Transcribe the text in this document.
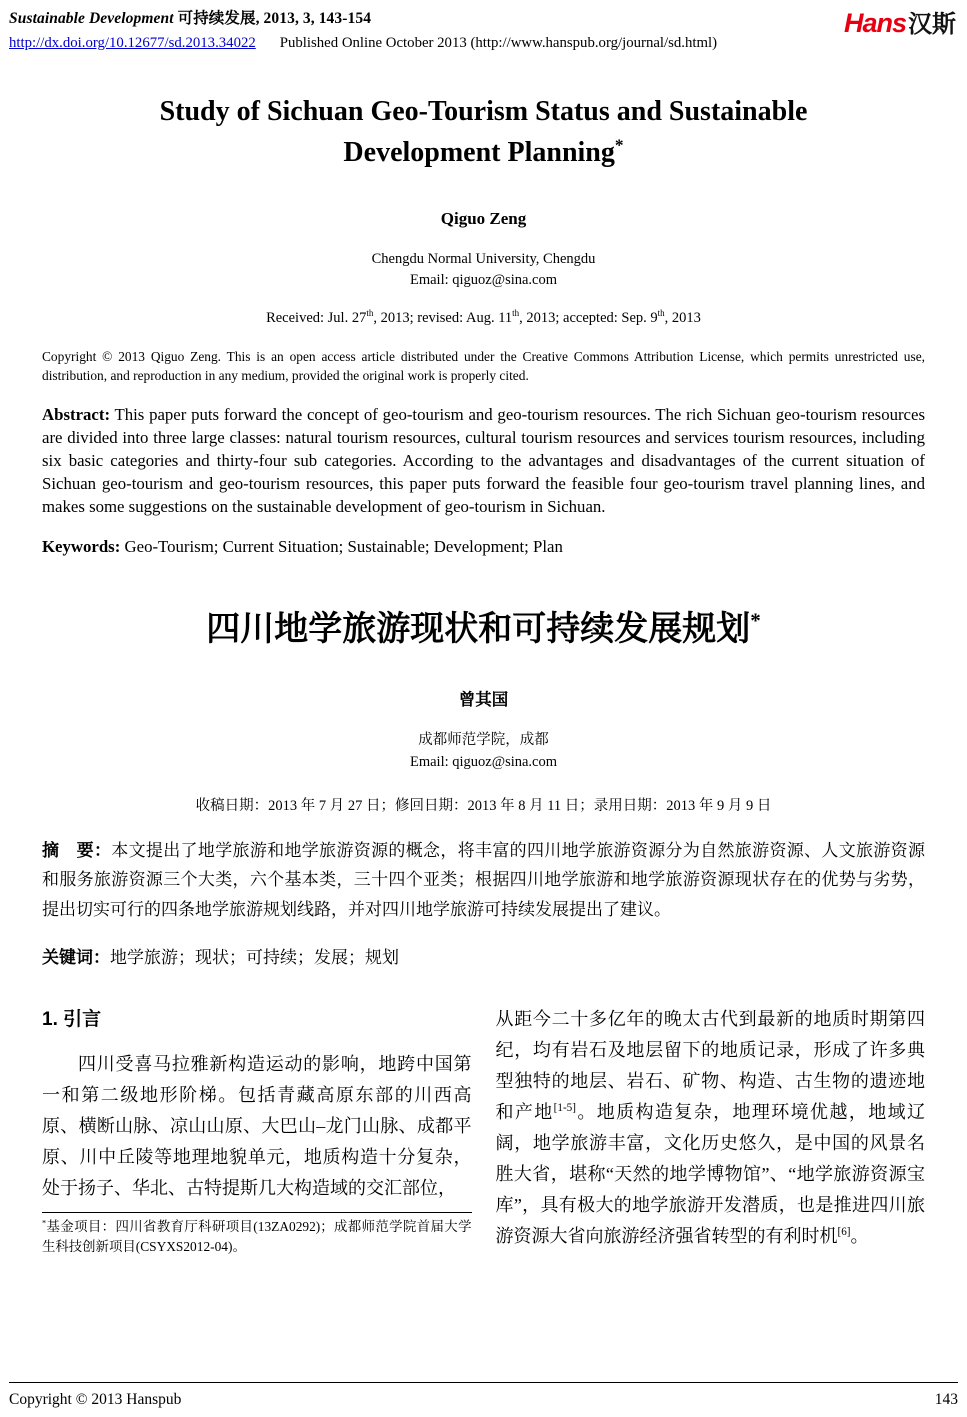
Sustainable Development 可持续发展, 2013, 3, 143-154
http://dx.doi.org/10.12677/sd.2013.34022 Published Online October 2013 (http://www.hanspub.org/journal/sd.html)
Hans汉斯
Study of Sichuan Geo-Tourism Status and Sustainable
Development Planning*
Qiguo Zeng
Chengdu Normal University, Chengdu
Email: qiguoz@sina.com
Received: Jul. 27th, 2013; revised: Aug. 11th, 2013; accepted: Sep. 9th, 2013

Copyright © 2013 Qiguo Zeng. This is an open access article distributed under the Creative Commons Attribution License, which permits unrestricted use, distribution, and reproduction in any medium, provided the original work is properly cited.

Abstract: This paper puts forward the concept of geo-tourism and geo-tourism resources. The rich Sichuan geo-tourism resources are divided into three large classes: natural tourism resources, cultural tourism resources and services tourism resources, including six basic categories and thirty-four sub categories. According to the advantages and disadvantages of the current situation of Sichuan geo-tourism and geo-tourism resources, this paper puts forward the feasible four geo-tourism travel planning lines, and makes some suggestions on the sustainable development of geo-tourism in Sichuan.

Keywords: Geo-Tourism; Current Situation; Sustainable; Development; Plan

四川地学旅游现状和可持续发展规划*
曾其国
成都师范学院，成都
Email: qiguoz@sina.com
收稿日期：2013 年 7 月 27 日；修回日期：2013 年 8 月 11 日；录用日期：2013 年 9 月 9 日

摘　要：本文提出了地学旅游和地学旅游资源的概念，将丰富的四川地学旅游资源分为自然旅游资源、人文旅游资源和服务旅游资源三个大类，六个基本类，三十四个亚类；根据四川地学旅游和地学旅游资源现状存在的优势与劣势，提出切实可行的四条地学旅游规划线路，并对四川地学旅游可持续发展提出了建议。

关键词：地学旅游；现状；可持续；发展；规划

1. 引言

四川受喜马拉雅新构造运动的影响，地跨中国第一和第二级地形阶梯。包括青藏高原东部的川西高原、横断山脉、凉山山原、大巴山–龙门山脉、成都平原、川中丘陵等地理地貌单元，地质构造十分复杂，处于扬子、华北、古特提斯几大构造域的交汇部位，

*基金项目：四川省教育厅科研项目(13ZA0292)；成都师范学院首届大学生科技创新项目(CSYXS2012-04)。

从距今二十多亿年的晚太古代到最新的地质时期第四纪，均有岩石及地层留下的地质记录，形成了许多典型独特的地层、岩石、矿物、构造、古生物的遗迹地和产地[1-5]。地质构造复杂，地理环境优越，地域辽阔，地学旅游丰富，文化历史悠久，是中国的风景名胜大省，堪称“天然的地学博物馆”、“地学旅游资源宝库”，具有极大的地学旅游开发潜质，也是推进四川旅游资源大省向旅游经济强省转型的有利时机[6]。

Copyright © 2013 Hanspub	143
